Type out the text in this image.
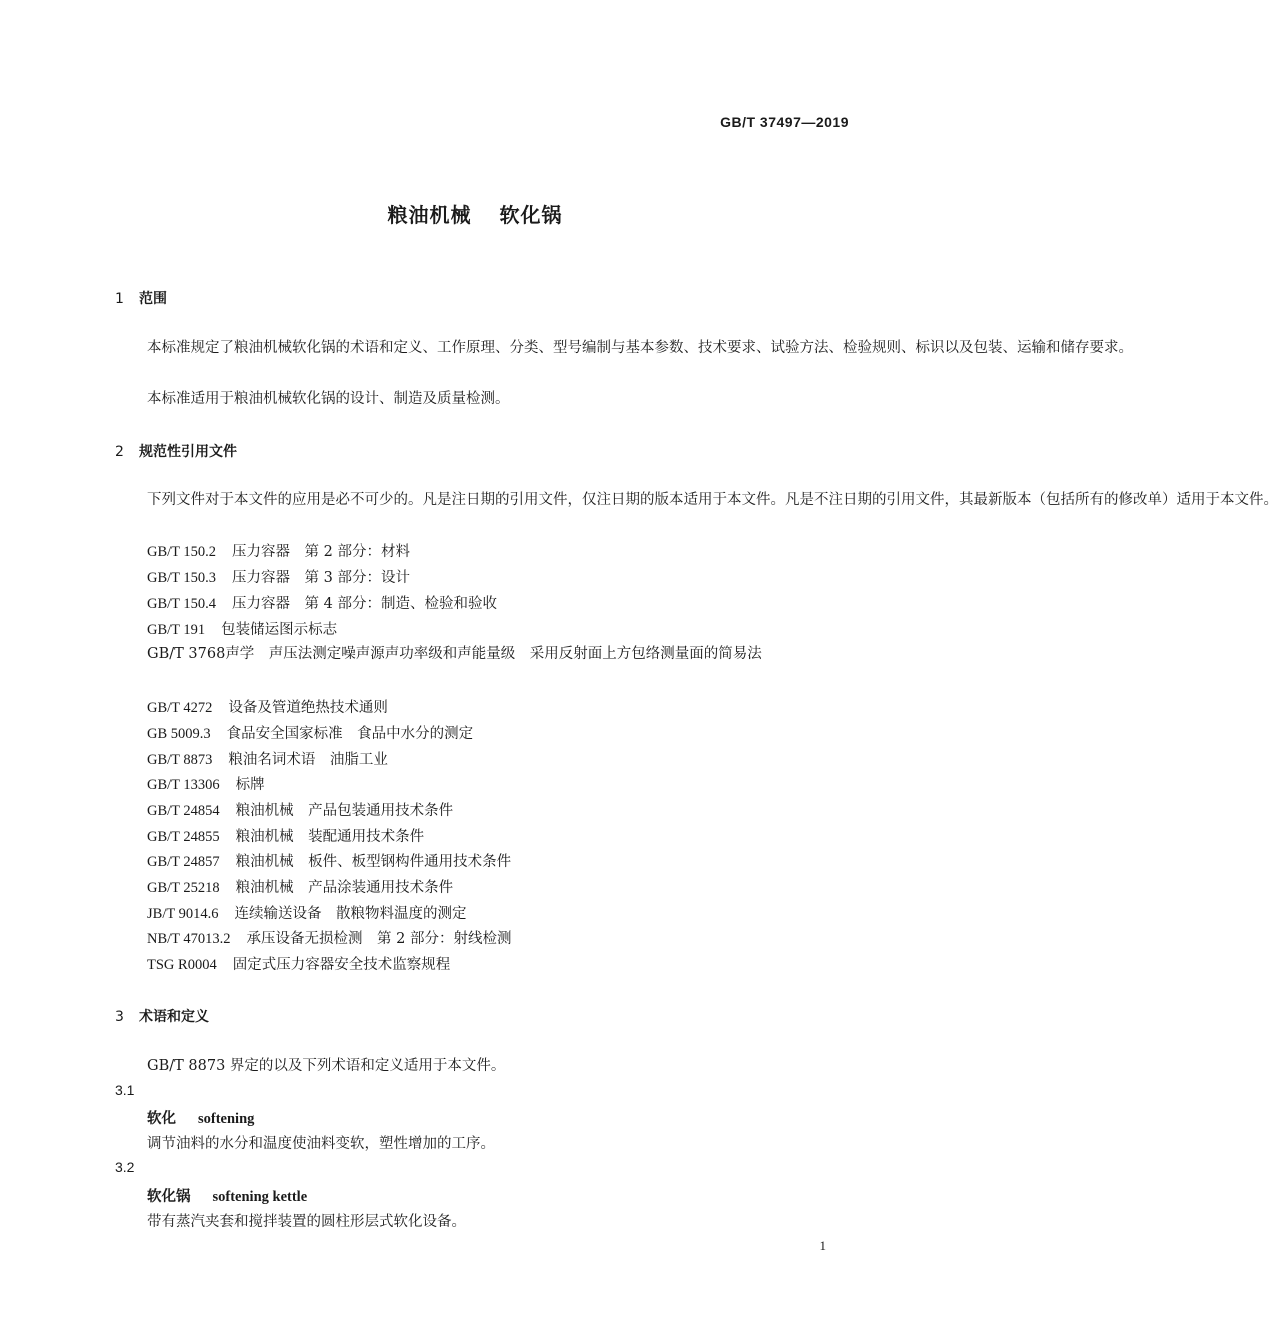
GB/T 37497—2019
粮油机械 软化锅
1 范围
本标准规定了粮油机械软化锅的术语和定义、工作原理、分类、型号编制与基本参数、技术要求、试验方法、检验规则、标识以及包装、运输和储存要求。
本标准适用于粮油机械软化锅的设计、制造及质量检测。
2 规范性引用文件
下列文件对于本文件的应用是必不可少的。凡是注日期的引用文件，仅注日期的版本适用于本文件。凡是不注日期的引用文件，其最新版本（包括所有的修改单）适用于本文件。
GB/T 150.2 压力容器　第 2 部分：材料
GB/T 150.3 压力容器　第 3 部分：设计
GB/T 150.4 压力容器　第 4 部分：制造、检验和验收
GB/T 191 包装储运图示标志
GB/T 3768声学　声压法测定噪声源声功率级和声能量级　采用反射面上方包络测量面的简易法
GB/T 4272 设备及管道绝热技术通则
GB 5009.3 食品安全国家标准　食品中水分的测定
GB/T 8873 粮油名词术语　油脂工业
GB/T 13306 标牌
GB/T 24854 粮油机械　产品包装通用技术条件
GB/T 24855 粮油机械　装配通用技术条件
GB/T 24857 粮油机械　板件、板型钢构件通用技术条件
GB/T 25218 粮油机械　产品涂装通用技术条件
JB/T 9014.6 连续输送设备　散粮物料温度的测定
NB/T 47013.2 承压设备无损检测　第 2 部分：射线检测
TSG R0004 固定式压力容器安全技术监察规程
3 术语和定义
GB/T 8873 界定的以及下列术语和定义适用于本文件。
3.1
软化 softening
调节油料的水分和温度使油料变软，塑性增加的工序。
3.2
软化锅 softening kettle
带有蒸汽夹套和搅拌装置的圆柱形层式软化设备。
1
